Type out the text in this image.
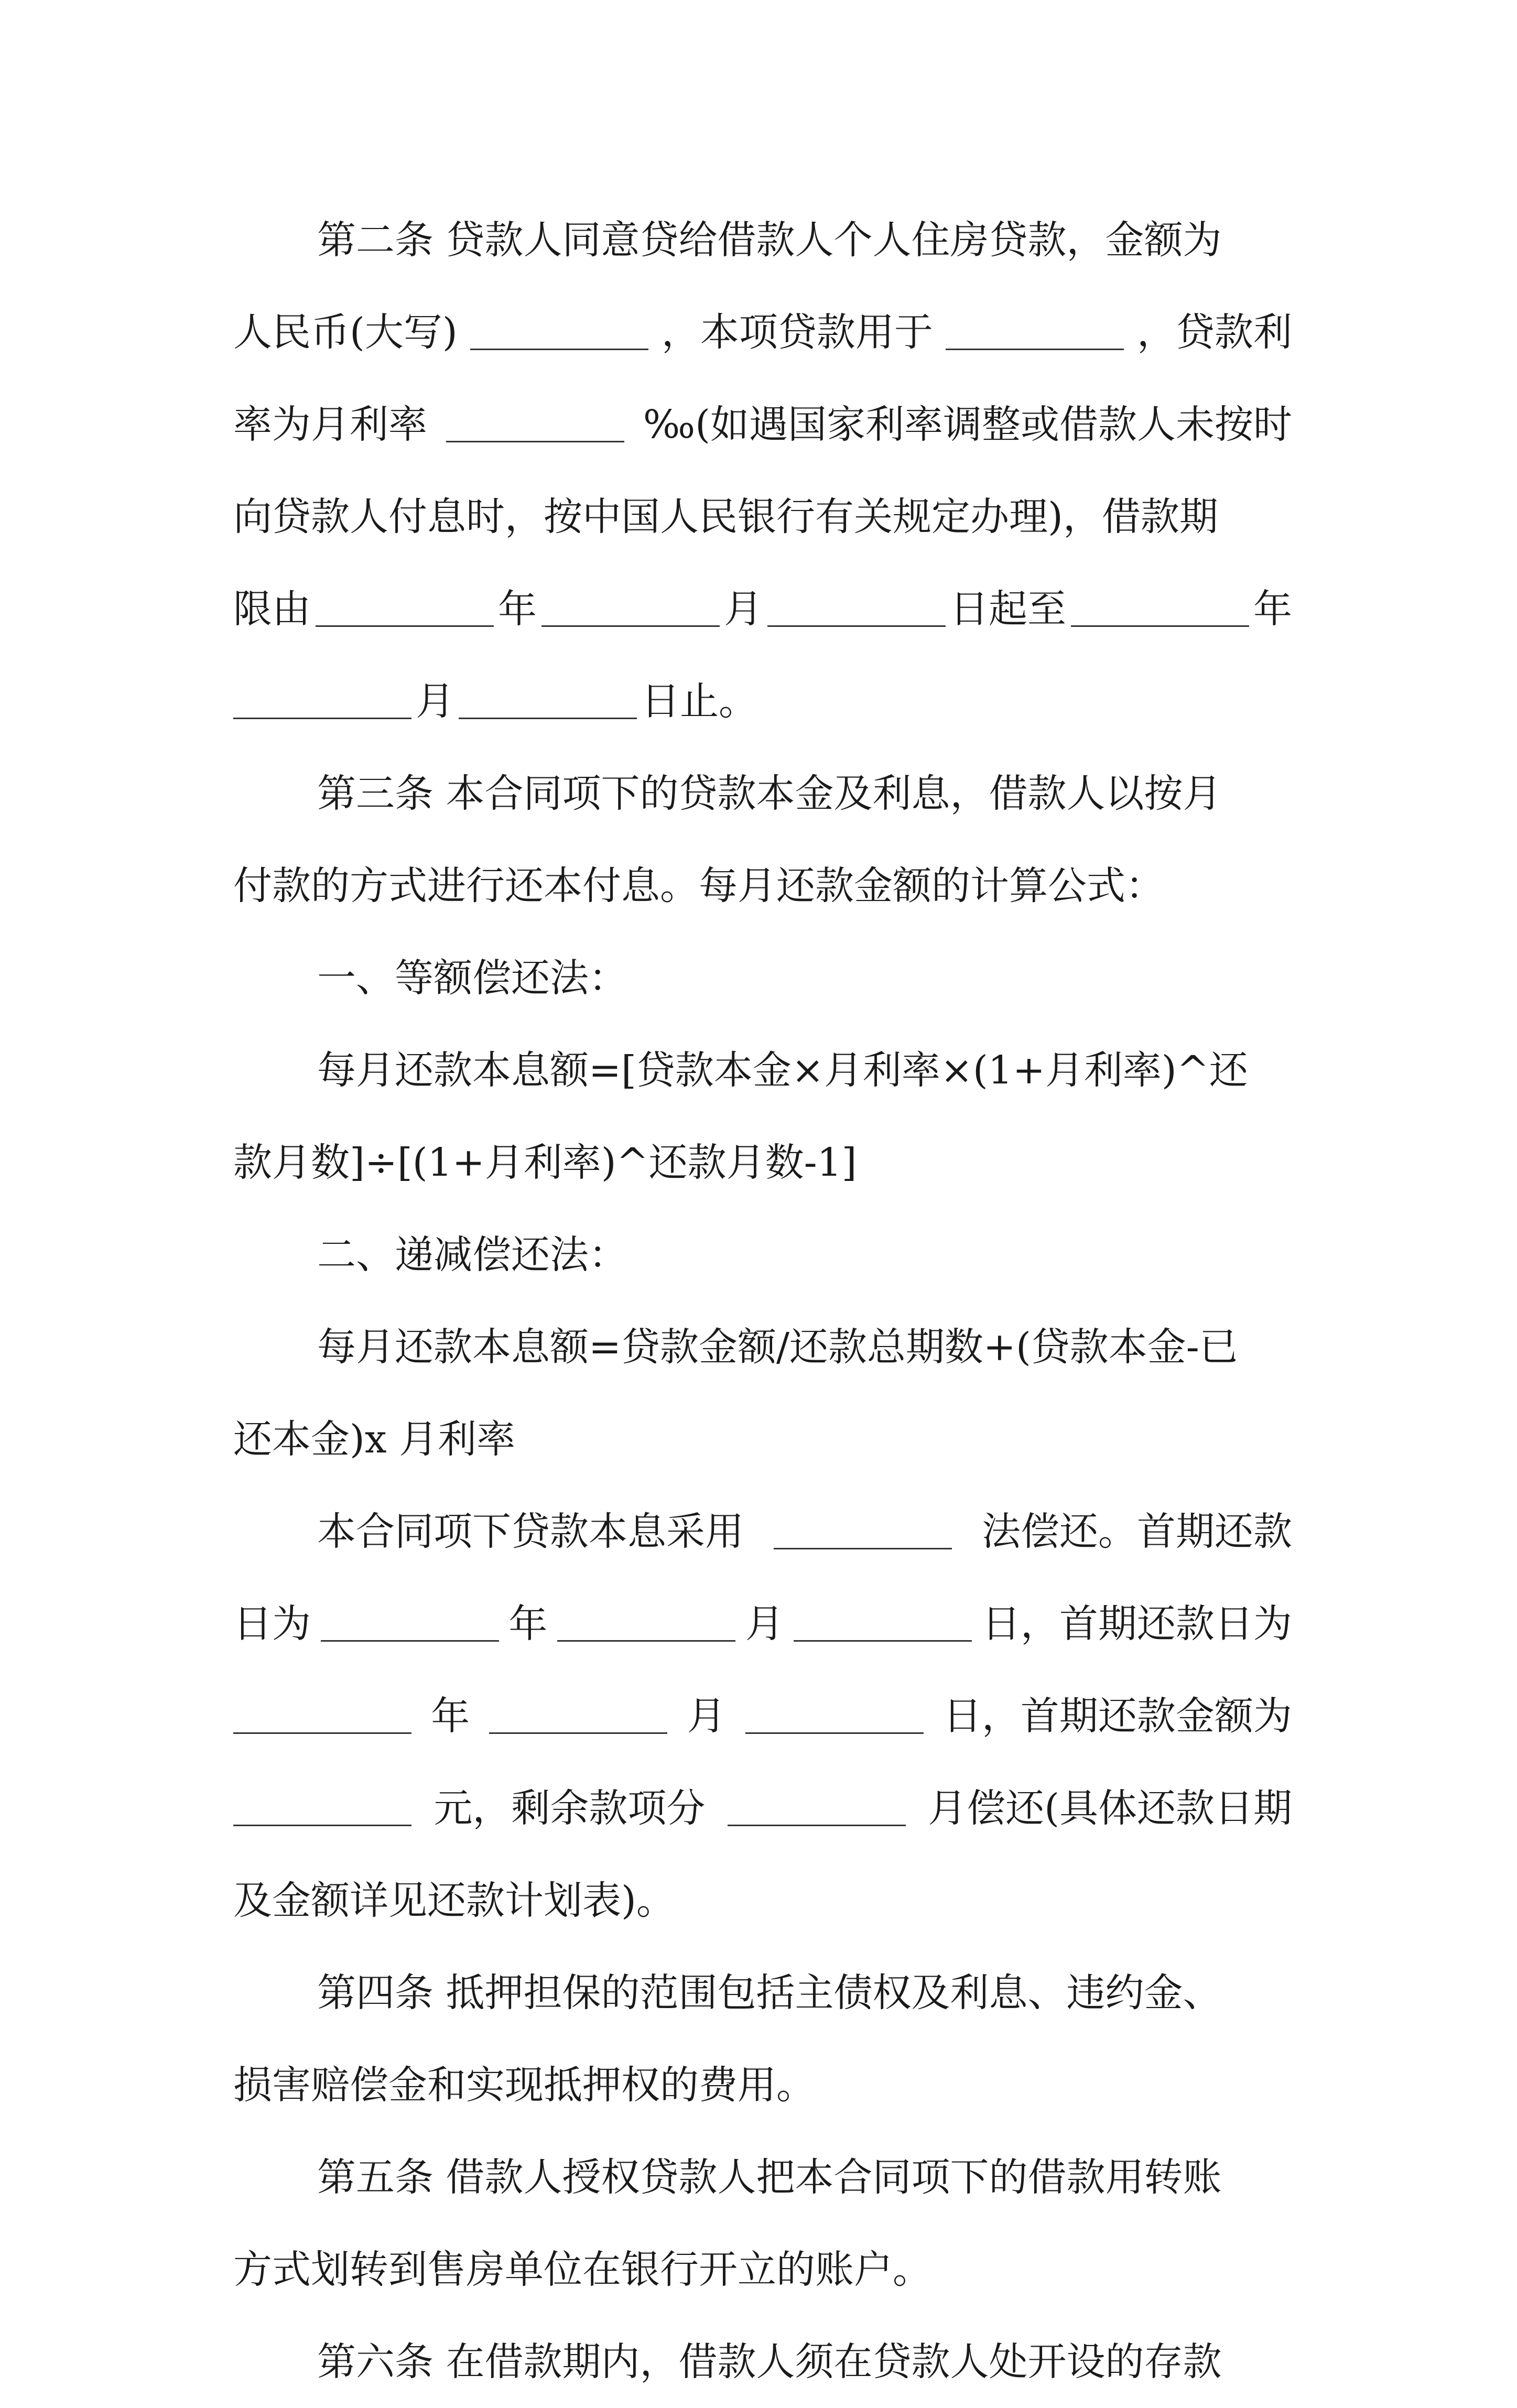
第二条 贷款人同意贷给借款人个人住房贷款，金额为
人民币(大写)	，本项贷款用于	，贷款利
率为月利率	‰(如遇国家利率调整或借款人未按时
向贷款人付息时，按中国人民银行有关规定办理)，借款期
限由	年	月	日起至	年
月	日止。
第三条 本合同项下的贷款本金及利息，借款人以按月
付款的方式进行还本付息。每月还款金额的计算公式：
一、等额偿还法：
每月还款本息额=[贷款本金×月利率×(1+月利率)^还
款月数]÷[(1+月利率)^还款月数-1]
二、递减偿还法：
每月还款本息额=贷款金额/还款总期数+(贷款本金-已
还本金)x 月利率
本合同项下贷款本息采用	法偿还。首期还款
日为	年	月	日，首期还款日为
年	月	日，首期还款金额为
元，剩余款项分	月偿还(具体还款日期
及金额详见还款计划表)。
第四条 抵押担保的范围包括主债权及利息、违约金、
损害赔偿金和实现抵押权的费用。
第五条 借款人授权贷款人把本合同项下的借款用转账
方式划转到售房单位在银行开立的账户。
第六条 在借款期内，借款人须在贷款人处开设的存款
